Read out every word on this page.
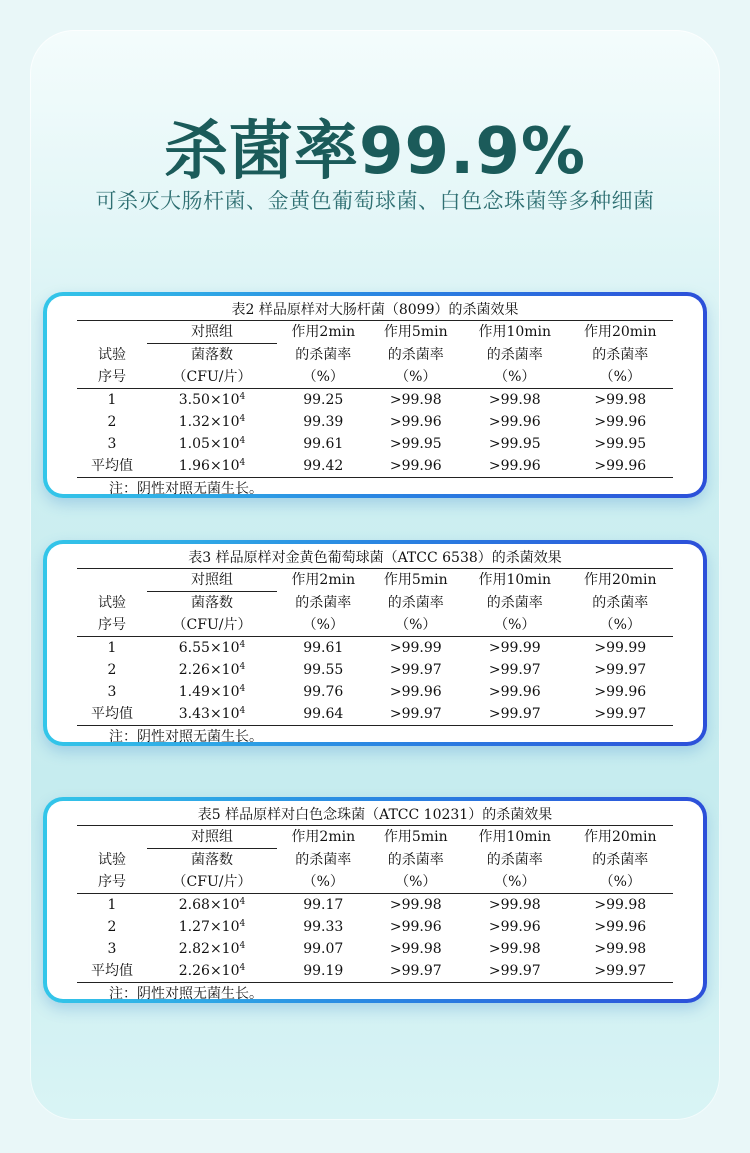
杀菌率99.9%
可杀灭大肠杆菌、金黄色葡萄球菌、白色念珠菌等多种细菌
表2 样品原样对大肠杆菌（8099）的杀菌效果
试验	对照组	作用2min	作用5min	作用10min	作用20min
	菌落数	的杀菌率	的杀菌率	的杀菌率	的杀菌率
序号	（CFU/片）	（%）	（%）	（%）	（%）
1	$3.50\times 10^4$	99.25	>99.98	>99.98	>99.98
2	$1.32\times 10^4$	99.39	>99.96	>99.96	>99.96
3	$1.05\times 10^4$	99.61	>99.95	>99.95	>99.95
平均值	$1.96\times 10^4$	99.42	>99.96	>99.96	>99.96
注：阴性对照无菌生长。
表3 样品原样对金黄色葡萄球菌（ATCC 6538）的杀菌效果
试验	对照组	作用2min	作用5min	作用10min	作用20min
	菌落数	的杀菌率	的杀菌率	的杀菌率	的杀菌率
序号	（CFU/片）	（%）	（%）	（%）	（%）
1	$6.55\times 10^4$	99.61	>99.99	>99.99	>99.99
2	$2.26\times 10^4$	99.55	>99.97	>99.97	>99.97
3	$1.49\times 10^4$	99.76	>99.96	>99.96	>99.96
平均值	$3.43\times 10^4$	99.64	>99.97	>99.97	>99.97
注：阴性对照无菌生长。
表5 样品原样对白色念珠菌（ATCC 10231）的杀菌效果
试验	对照组	作用2min	作用5min	作用10min	作用20min
	菌落数	的杀菌率	的杀菌率	的杀菌率	的杀菌率
序号	（CFU/片）	（%）	（%）	（%）	（%）
1	$2.68\times 10^4$	99.17	>99.98	>99.98	>99.98
2	$1.27\times 10^4$	99.33	>99.96	>99.96	>99.96
3	$2.82\times 10^4$	99.07	>99.98	>99.98	>99.98
平均值	$2.26\times 10^4$	99.19	>99.97	>99.97	>99.97
注：阴性对照无菌生长。
